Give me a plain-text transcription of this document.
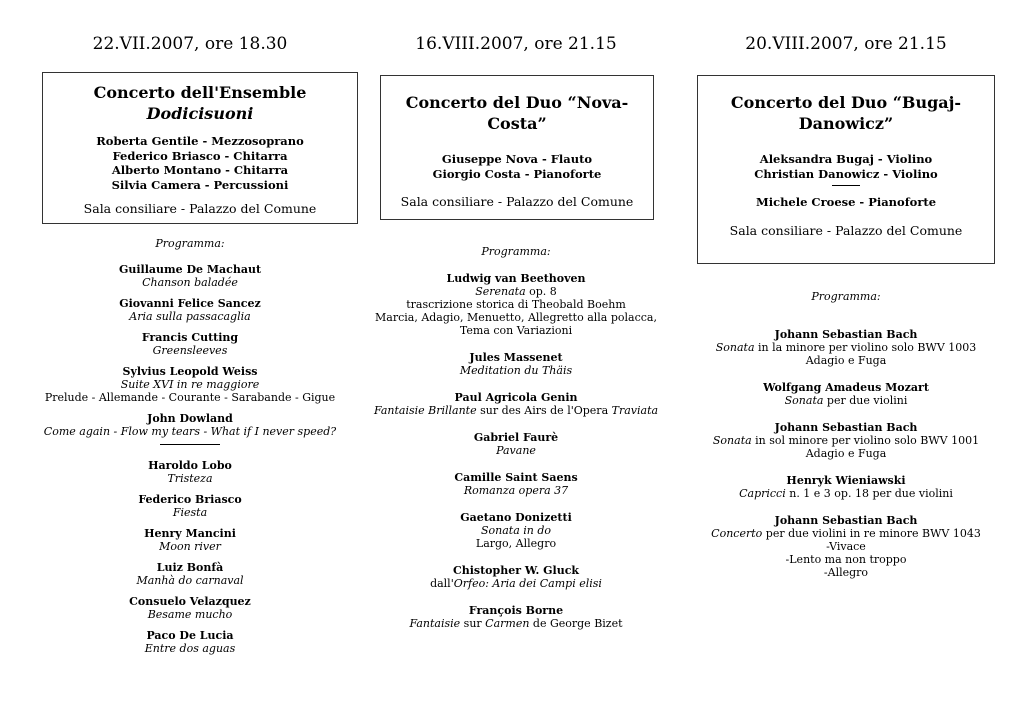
22.VII.2007, ore 18.30
Concerto dell'Ensemble
Dodicisuoni
Roberta Gentile - Mezzosoprano
Federico Briasco - Chitarra
Alberto Montano - Chitarra
Silvia Camera - Percussioni
Sala consiliare - Palazzo del Comune
Programma:
Guillaume De Machaut
Chanson baladée
Giovanni Felice Sancez
Aria sulla passacaglia
Francis Cutting
Greensleeves
Sylvius Leopold Weiss
Suite XVI in re maggiore
Prelude - Allemande - Courante - Sarabande - Gigue
John Dowland
Come again - Flow my tears - What if I never speed?
Haroldo Lobo
Tristeza
Federico Briasco
Fiesta
Henry Mancini
Moon river
Luiz Bonfà
Manhà do carnaval
Consuelo Velazquez
Besame mucho
Paco De Lucia
Entre dos aguas
16.VIII.2007, ore 21.15
Concerto del Duo “Nova-
Costa”
Giuseppe Nova - Flauto
Giorgio Costa - Pianoforte
Sala consiliare - Palazzo del Comune
Programma:
Ludwig van Beethoven
Serenata op. 8
trascrizione storica di Theobald Boehm
Marcia, Adagio, Menuetto, Allegretto alla polacca,
Tema con Variazioni
Jules Massenet
Meditation du Thäis
Paul Agricola Genin
Fantaisie Brillante sur des Airs de l'Opera Traviata
Gabriel Faurè
Pavane
Camille Saint Saens
Romanza opera 37
Gaetano Donizetti
Sonata in do
Largo, Allegro
Chistopher W. Gluck
dall'Orfeo: Aria dei Campi elisi
François Borne
Fantaisie sur Carmen de George Bizet
20.VIII.2007, ore 21.15
Concerto del Duo “Bugaj-
Danowicz”
Aleksandra Bugaj - Violino
Christian Danowicz - Violino
Michele Croese - Pianoforte
Sala consiliare - Palazzo del Comune
Programma:
Johann Sebastian Bach
Sonata in la minore per violino solo BWV 1003
Adagio e Fuga
Wolfgang Amadeus Mozart
Sonata per due violini
Johann Sebastian Bach
Sonata in sol minore per violino solo BWV 1001
Adagio e Fuga
Henryk Wieniawski
Capricci n. 1 e 3 op. 18 per due violini
Johann Sebastian Bach
Concerto per due violini in re minore BWV 1043
-Vivace
-Lento ma non troppo
-Allegro
